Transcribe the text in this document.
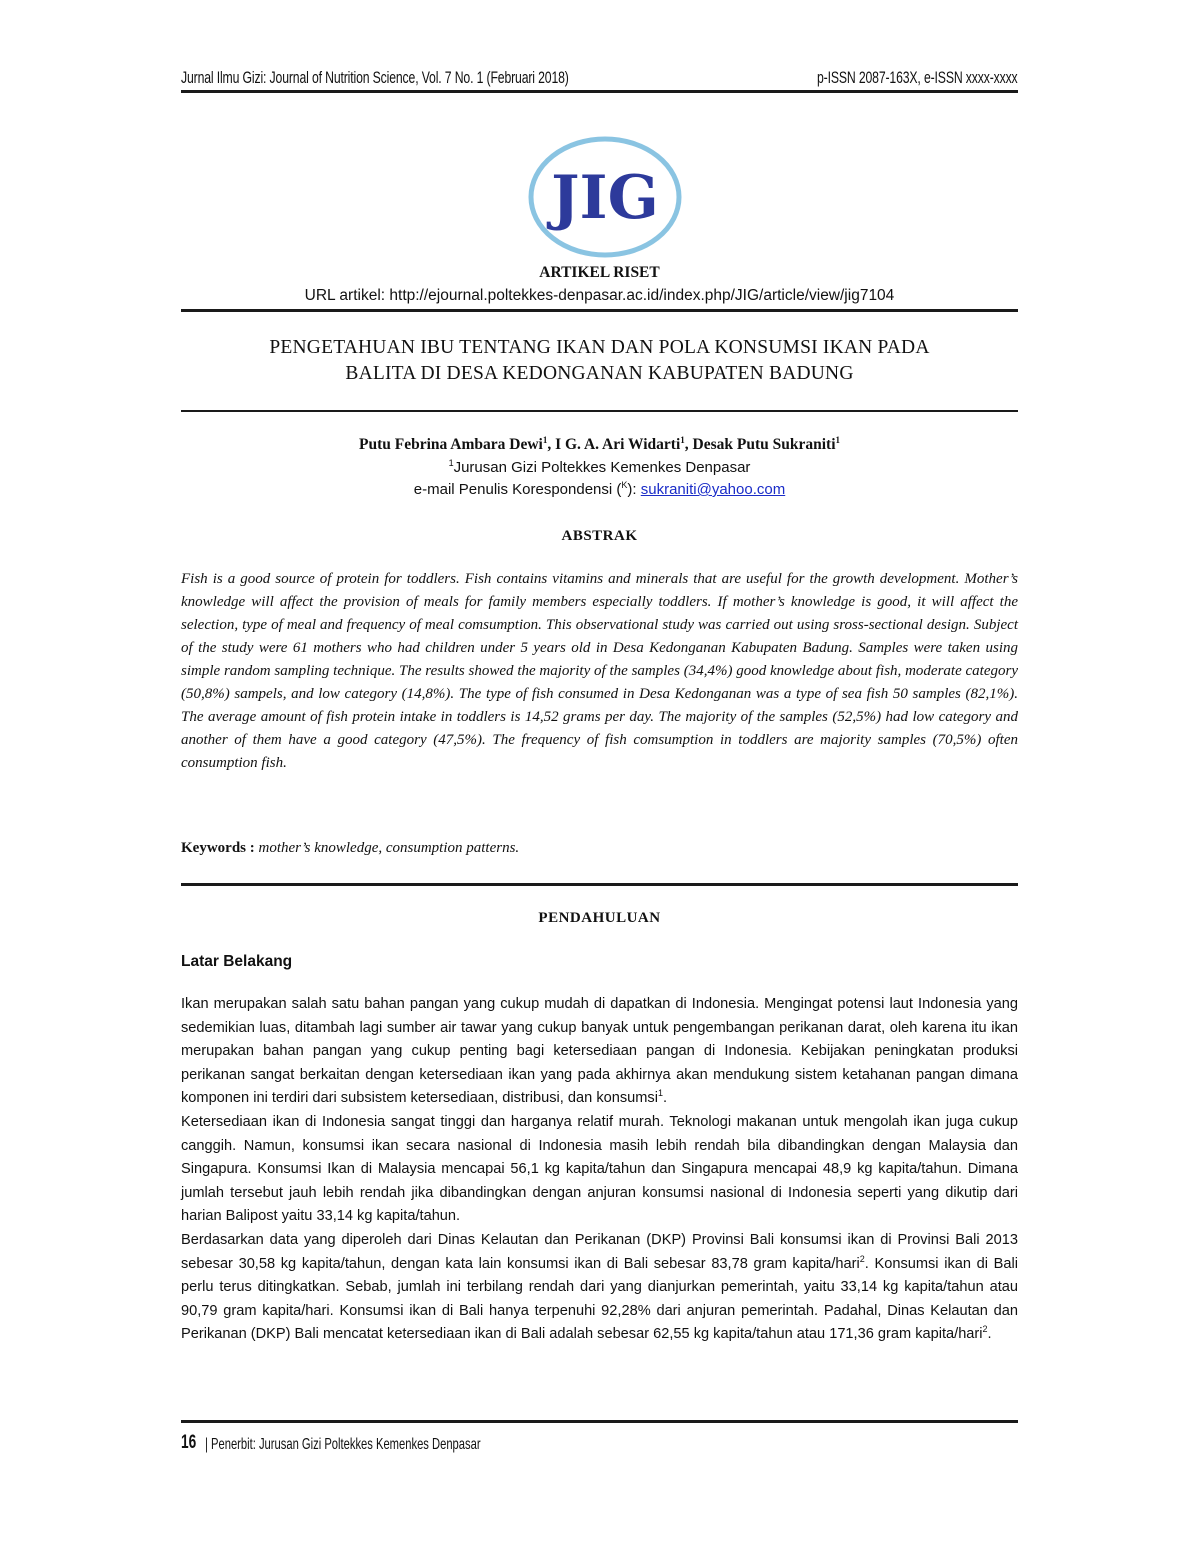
Jurnal Ilmu Gizi: Journal of Nutrition Science, Vol. 7 No. 1 (Februari 2018)	p-ISSN 2087-163X, e-ISSN xxxx-xxxx
JIG
ARTIKEL RISET
URL artikel: http://ejournal.poltekkes-denpasar.ac.id/index.php/JIG/article/view/jig7104
PENGETAHUAN IBU TENTANG IKAN DAN POLA KONSUMSI IKAN PADA
BALITA DI DESA KEDONGANAN KABUPATEN BADUNG
Putu Febrina Ambara Dewi$^1$, I G. A. Ari Widarti$^1$, Desak Putu Sukraniti$^1$
$^1$Jurusan Gizi Poltekkes Kemenkes Denpasar
e-mail Penulis Korespondensi ($^K$): sukraniti@yahoo.com
ABSTRAK
Fish is a good source of protein for toddlers. Fish contains vitamins and minerals that are useful for the growth development. Mother’s knowledge will affect the provision of meals for family members especially toddlers. If mother’s knowledge is good, it will affect the selection, type of meal and frequency of meal comsumption. This observational study was carried out using sross-sectional design. Subject of the study were 61 mothers who had children under 5 years old in Desa Kedonganan Kabupaten Badung. Samples were taken using simple random sampling technique. The results showed the majority of the samples (34,4%) good knowledge about fish, moderate category (50,8%) sampels, and low category (14,8%). The type of fish consumed in Desa Kedonganan was a type of sea fish 50 samples (82,1%). The average amount of fish protein intake in toddlers is 14,52 grams per day. The majority of the samples (52,5%) had low category and another of them have a good category (47,5%). The frequency of fish comsumption in toddlers are majority samples (70,5%) often consumption fish.
Keywords : mother’s knowledge, consumption patterns.
PENDAHULUAN
Latar Belakang

Ikan merupakan salah satu bahan pangan yang cukup mudah di dapatkan di Indonesia. Mengingat potensi laut Indonesia yang sedemikian luas, ditambah lagi sumber air tawar yang cukup banyak untuk pengembangan perikanan darat, oleh karena itu ikan merupakan bahan pangan yang cukup penting bagi ketersediaan pangan di Indonesia. Kebijakan peningkatan produksi perikanan sangat berkaitan dengan ketersediaan ikan yang pada akhirnya akan mendukung sistem ketahanan pangan dimana komponen ini terdiri dari subsistem ketersediaan, distribusi, dan konsumsi$^1$.

Ketersediaan ikan di Indonesia sangat tinggi dan harganya relatif murah. Teknologi makanan untuk mengolah ikan juga cukup canggih. Namun, konsumsi ikan secara nasional di Indonesia masih lebih rendah bila dibandingkan dengan Malaysia dan Singapura. Konsumsi Ikan di Malaysia mencapai 56,1 kg kapita/tahun dan Singapura mencapai 48,9 kg kapita/tahun. Dimana jumlah tersebut jauh lebih rendah jika dibandingkan dengan anjuran konsumsi nasional di Indonesia seperti yang dikutip dari harian Balipost yaitu 33,14 kg kapita/tahun.

Berdasarkan data yang diperoleh dari Dinas Kelautan dan Perikanan (DKP) Provinsi Bali konsumsi ikan di Provinsi Bali 2013 sebesar 30,58 kg kapita/tahun, dengan kata lain konsumsi ikan di Bali sebesar 83,78 gram kapita/hari$^2$. Konsumsi ikan di Bali perlu terus ditingkatkan. Sebab, jumlah ini terbilang rendah dari yang dianjurkan pemerintah, yaitu 33,14 kg kapita/tahun atau 90,79 gram kapita/hari. Konsumsi ikan di Bali hanya terpenuhi 92,28% dari anjuran pemerintah. Padahal, Dinas Kelautan dan Perikanan (DKP) Bali mencatat ketersediaan ikan di Bali adalah sebesar 62,55 kg kapita/tahun atau 171,36 gram kapita/hari$^2$.

16 | Penerbit: Jurusan Gizi Poltekkes Kemenkes Denpasar
